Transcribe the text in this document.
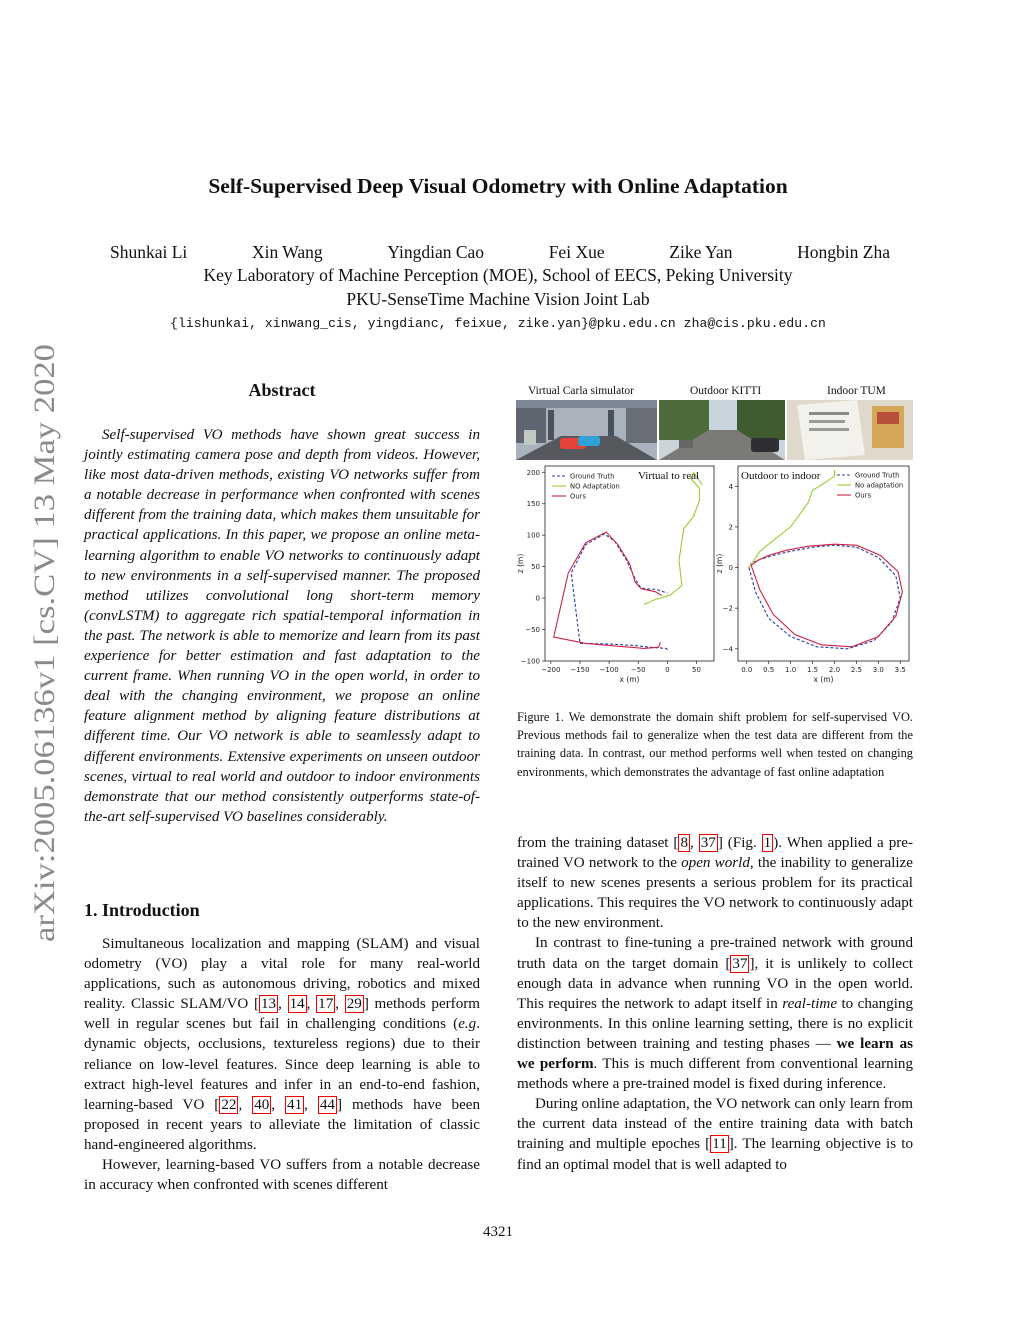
arXiv:2005.06136v1 [cs.CV] 13 May 2020
Self-Supervised Deep Visual Odometry with Online Adaptation
Shunkai Li	Xin Wang	Yingdian Cao	Fei Xue	Zike Yan	Hongbin Zha
Key Laboratory of Machine Perception (MOE), School of EECS, Peking University
PKU-SenseTime Machine Vision Joint Lab
{lishunkai, xinwang_cis, yingdianc, feixue, zike.yan}@pku.edu.cn zha@cis.pku.edu.cn
Abstract

Self-supervised VO methods have shown great success in jointly estimating camera pose and depth from videos. However, like most data-driven methods, existing VO networks suffer from a notable decrease in performance when confronted with scenes different from the training data, which makes them unsuitable for practical applications. In this paper, we propose an online meta-learning algorithm to enable VO networks to continuously adapt to new environments in a self-supervised manner. The proposed method utilizes convolutional long short-term memory (convLSTM) to aggregate rich spatial-temporal information in the past. The network is able to memorize and learn from its past experience for better estimation and fast adaptation to the current frame. When running VO in the open world, in order to deal with the changing environment, we propose an online feature alignment method by aligning feature distributions at different time. Our VO network is able to seamlessly adapt to different environments. Extensive experiments on unseen outdoor scenes, virtual to real world and outdoor to indoor environments demonstrate that our method consistently outperforms state-of-the-art self-supervised VO baselines considerably.

1. Introduction

Simultaneous localization and mapping (SLAM) and visual odometry (VO) play a vital role for many real-world applications, such as autonomous driving, robotics and mixed reality. Classic SLAM/VO [ 13 , 14 , 17 , 29 ] methods perform well in regular scenes but fail in challenging conditions (e.g. dynamic objects, occlusions, textureless regions) due to their reliance on low-level features. Since deep learning is able to extract high-level features and infer in an end-to-end fashion, learning-based VO [ 22 , 40 , 41 , 44 ] methods have been proposed in recent years to alleviate the limitation of classic hand-engineered algorithms.

However, learning-based VO suffers from a notable decrease in accuracy when confronted with scenes different

Virtual Carla simulator	Outdoor KITTI	Indoor TUM
−200 −150 −100 −50	0	50
200
150
100
50
0
−50
−100
x (m)
z (m)
Virtual to real
Ground Truth
NO Adaptation
Ours
0.0 0.5 1.0 1.5 2.0 2.5 3.0 3.5
4
2
0
−2
−4
x (m)
z (m)
Outdoor to indoor	Ground Truth
No adaptation
Ours
Figure 1. We demonstrate the domain shift problem for self-supervised VO. Previous methods fail to generalize when the test data are different from the training data. In contrast, our method performs well when tested on changing environments, which demonstrates the advantage of fast online adaptation

from the training dataset [ 8 , 37 ] (Fig. 1 ). When applied a pre-trained VO network to the open world, the inability to generalize itself to new scenes presents a serious problem for its practical applications. This requires the VO network to continuously adapt to the new environment.

In contrast to fine-tuning a pre-trained network with ground truth data on the target domain [ 37 ], it is unlikely to collect enough data in advance when running VO in the open world. This requires the network to adapt itself in real-time to changing environments. In this online learning setting, there is no explicit distinction between training and testing phases — we learn as we perform. This is much different from conventional learning methods where a pre-trained model is fixed during inference.

During online adaptation, the VO network can only learn from the current data instead of the entire training data with batch training and multiple epoches [ 11 ]. The learning objective is to find an optimal model that is well adapted to

4321
